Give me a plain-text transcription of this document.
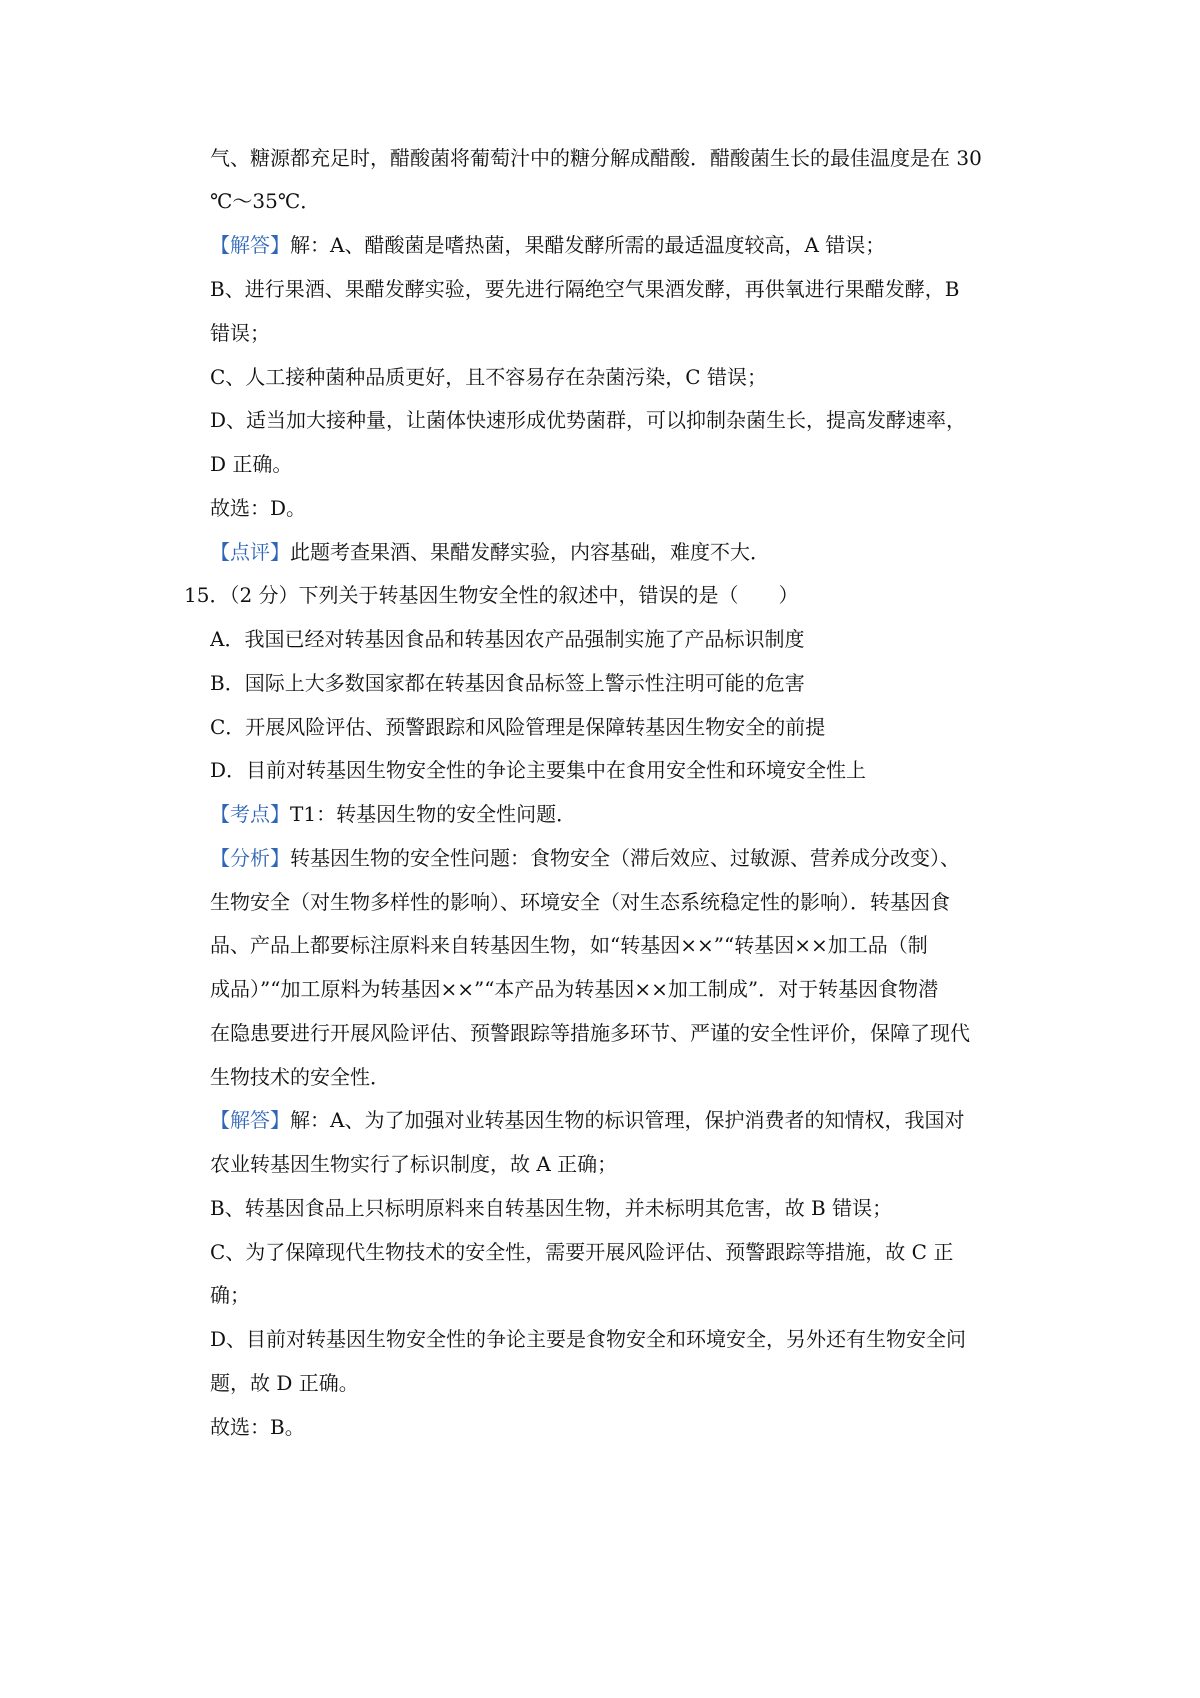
气、糖源都充足时，醋酸菌将葡萄汁中的糖分解成醋酸．醋酸菌生长的最佳温度是在 30
℃～35℃．
【解答】解：A、醋酸菌是嗜热菌，果醋发酵所需的最适温度较高，A 错误；
B、进行果酒、果醋发酵实验，要先进行隔绝空气果酒发酵，再供氧进行果醋发酵，B
错误；
C、人工接种菌种品质更好，且不容易存在杂菌污染，C 错误；
D、适当加大接种量，让菌体快速形成优势菌群，可以抑制杂菌生长，提高发酵速率，
D 正确。
故选：D。
【点评】此题考查果酒、果醋发酵实验，内容基础，难度不大．
15．（2 分）下列关于转基因生物安全性的叙述中，错误的是（　　）
A．我国已经对转基因食品和转基因农产品强制实施了产品标识制度
B．国际上大多数国家都在转基因食品标签上警示性注明可能的危害
C．开展风险评估、预警跟踪和风险管理是保障转基因生物安全的前提
D．目前对转基因生物安全性的争论主要集中在食用安全性和环境安全性上
【考点】T1：转基因生物的安全性问题．
【分析】转基因生物的安全性问题：食物安全（滞后效应、过敏源、营养成分改变）、
生物安全（对生物多样性的影响）、环境安全（对生态系统稳定性的影响）．转基因食
品、产品上都要标注原料来自转基因生物，如“转基因××”“转基因××加工品（制
成品）”“加工原料为转基因××”“本产品为转基因××加工制成”．对于转基因食物潜
在隐患要进行开展风险评估、预警跟踪等措施多环节、严谨的安全性评价，保障了现代
生物技术的安全性．
【解答】解：A、为了加强对业转基因生物的标识管理，保护消费者的知情权，我国对
农业转基因生物实行了标识制度，故 A 正确；
B、转基因食品上只标明原料来自转基因生物，并未标明其危害，故 B 错误；
C、为了保障现代生物技术的安全性，需要开展风险评估、预警跟踪等措施，故 C 正
确；
D、目前对转基因生物安全性的争论主要是食物安全和环境安全，另外还有生物安全问
题，故 D 正确。
故选：B。
